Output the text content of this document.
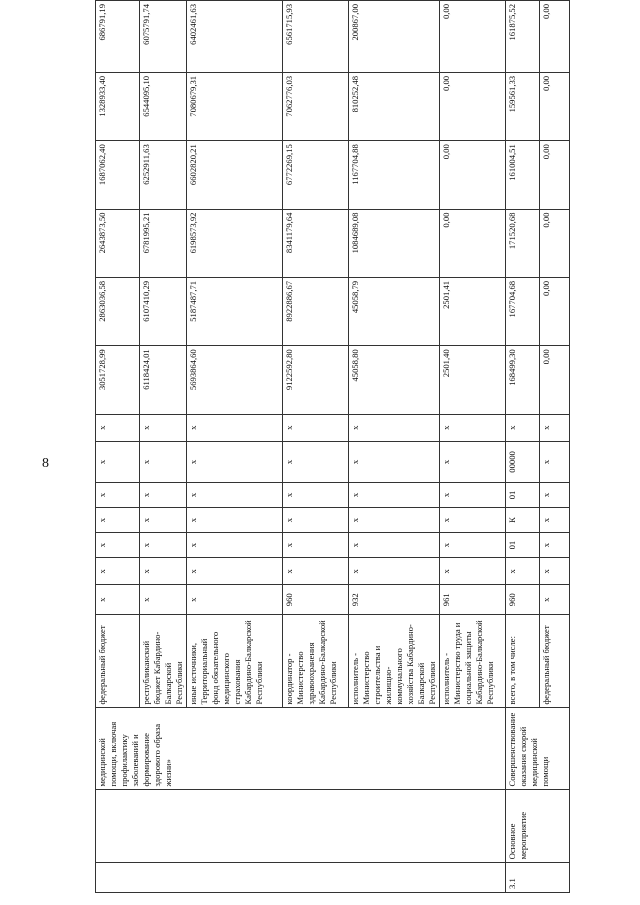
8
		медицинской помощи, включая профилактику заболеваний и формирование здорового образа жизни»	федеральный бюджет	x	x	x	x	x	x	x	3051728,99	2863036,58	2643873,50	1687062,40	1328933,40	686791,19
			республиканский бюджет Кабардино-Балкарской Республики	x	x	x	x	x	x	x	6118424,01	6107410,29	6781995,21	6252911,63	6544095,10	6075791,74
			иные источники, Территориальный фонд обязательного медицинского страхования Кабардино-Балкарской Республики	x	x	x	x	x	x	x	5693864,60	5187487,71	6198573,92	6602820,21	7080679,31	6402461,63
			координатор - Министерство здравоохранения Кабардино-Балкарской Республики	960	x	x	x	x	x	x	9122592,80	8922886,67	8341179,64	6772269,15	7062776,03	6561715,93
			исполнитель - Министерство строительства и жилищно-коммунального хозяйства Кабардино-Балкарской Республики	932	x	x	x	x	x	x	45058,80	45058,79	1084689,08	1167704,88	810252,48	200867,00
			исполнитель - Министерство труда и социальной защиты Кабардино-Балкарской Республики	961	x	x	x	x	x	x	2501,40	2501,41	0,00	0,00	0,00	0,00
3.1	Основное мероприятие	Совершенствование оказания скорой медицинской помощи	всего, в том числе:	960	x	01	К	01	00000	x	168499,30	167704,68	171520,68	161004,51	159561,33	161875,52
			федеральный бюджет	x	x	x	x	x	x	x	0,00	0,00	0,00	0,00	0,00	0,00
